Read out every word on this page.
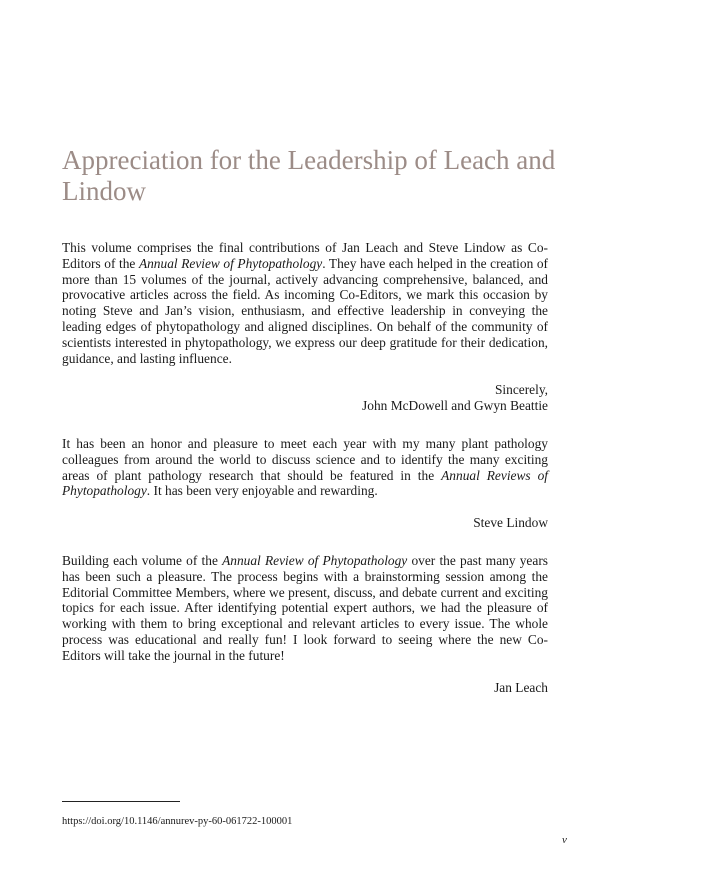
Appreciation for the Leadership of Leach and Lindow

This volume comprises the final contributions of Jan Leach and Steve Lindow as Co-Editors of the Annual Review of Phytopathology. They have each helped in the creation of more than 15 volumes of the journal, actively advancing comprehensive, balanced, and provocative articles across the field. As incoming Co-Editors, we mark this occasion by noting Steve and Jan’s vision, enthusiasm, and effective leadership in conveying the leading edges of phytopathology and aligned disciplines. On behalf of the community of scientists interested in phytopathology, we express our deep gratitude for their dedication, guidance, and lasting influence.

Sincerely,

John McDowell and Gwyn Beattie

It has been an honor and pleasure to meet each year with my many plant pathology colleagues from around the world to discuss science and to identify the many exciting areas of plant pathology research that should be featured in the Annual Reviews of Phytopathology. It has been very enjoyable and rewarding.

Steve Lindow

Building each volume of the Annual Review of Phytopathology over the past many years has been such a pleasure. The process begins with a brainstorming session among the Editorial Committee Members, where we present, discuss, and debate current and exciting topics for each issue. After identifying potential expert authors, we had the pleasure of working with them to bring exceptional and relevant articles to every issue. The whole process was educational and really fun! I look forward to seeing where the new Co-Editors will take the journal in the future!

Jan Leach

https://doi.org/10.1146/annurev-py-60-061722-100001
v
